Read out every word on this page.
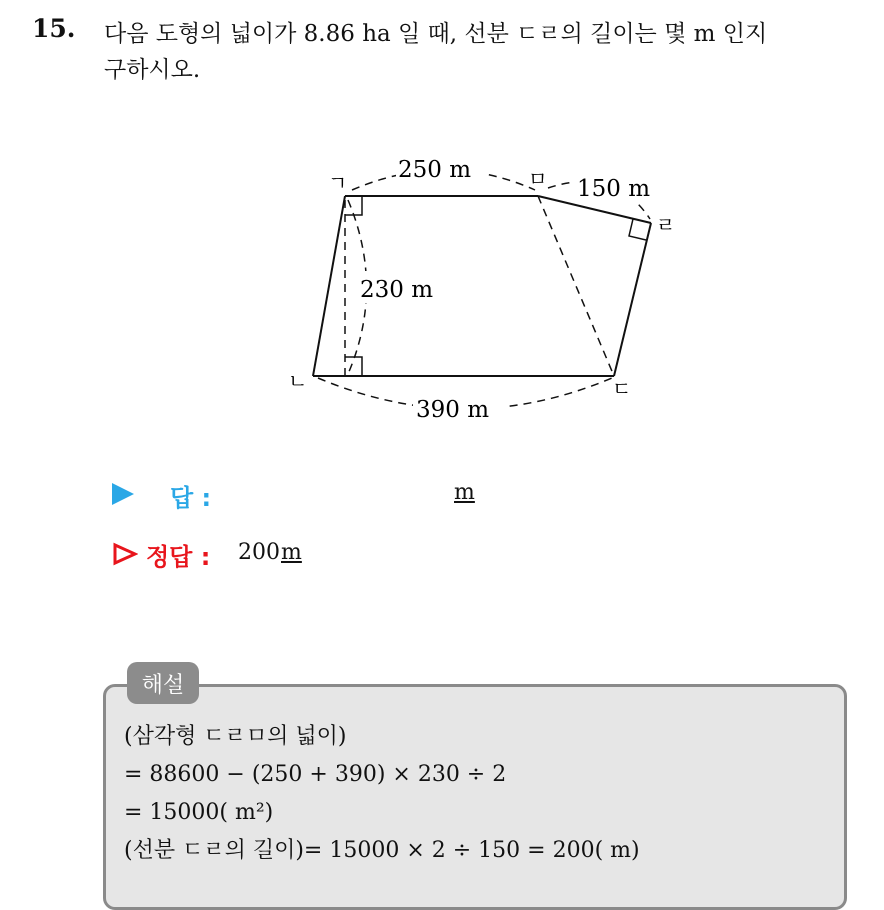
15. 다음 도형의 넓이가 8.86 ha 일 때, 선분 ㄷㄹ의 길이는 몇 m 인지
구하시오.
250 m
150 m
230 m
390 m
ㄱ
ㄴ	ㄷ
ㄹ
ㅁ
답 :	m
정답 : 200m
해설
(삼각형 ㄷㄹㅁ의 넓이)
= 88600 − (250 + 390) × 230 ÷ 2
= 15000( m²)
(선분 ㄷㄹ의 길이)= 15000 × 2 ÷ 150 = 200( m)
